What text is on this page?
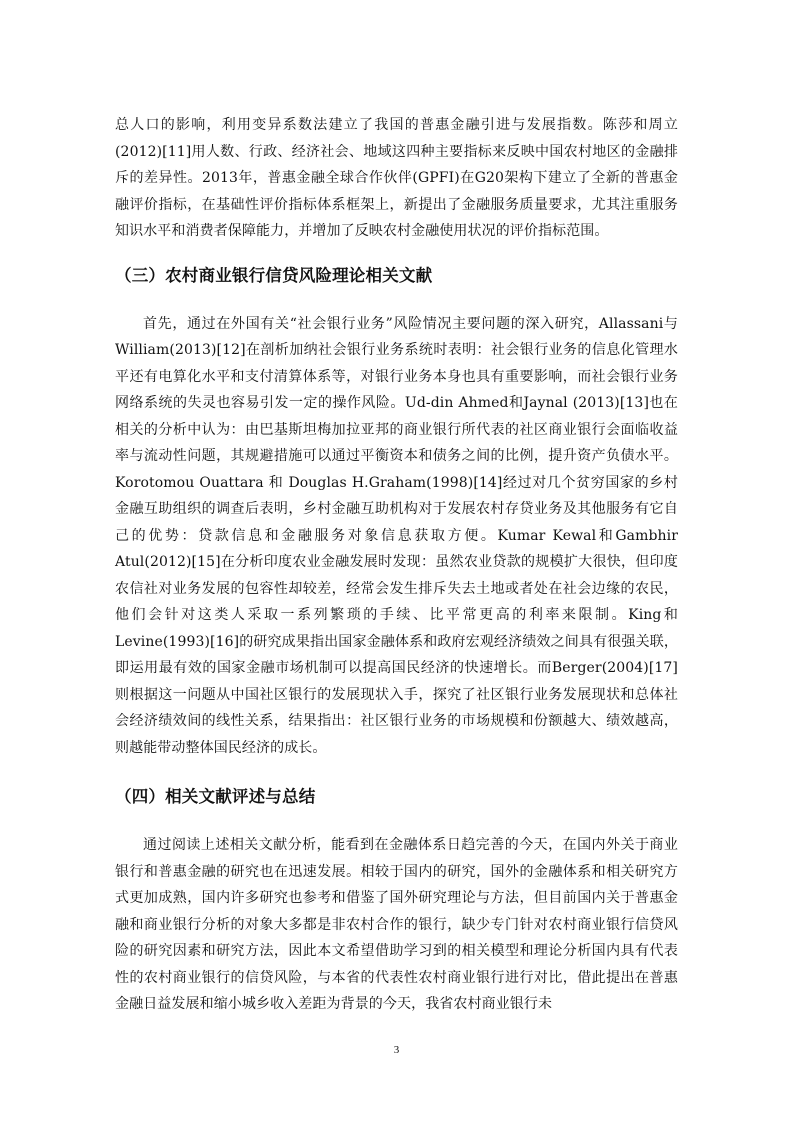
总人口的影响，利用变异系数法建立了我国的普惠金融引进与发展指数。陈莎和周立(2012)[11]用人数、行政、经济社会、地域这四种主要指标来反映中国农村地区的金融排斥的差异性。2013年，普惠金融全球合作伙伴(GPFI)在G20架构下建立了全新的普惠金融评价指标，在基础性评价指标体系框架上，新提出了金融服务质量要求，尤其注重服务知识水平和消费者保障能力，并增加了反映农村金融使用状况的评价指标范围。

（三）农村商业银行信贷风险理论相关文献

首先，通过在外国有关“社会银行业务”风险情况主要问题的深入研究，Allassani与William(2013)[12]在剖析加纳社会银行业务系统时表明：社会银行业务的信息化管理水平还有电算化水平和支付清算体系等，对银行业务本身也具有重要影响，而社会银行业务网络系统的失灵也容易引发一定的操作风险。Ud-din Ahmed和Jaynal (2013)[13]也在相关的分析中认为：由巴基斯坦梅加拉亚邦的商业银行所代表的社区商业银行会面临收益率与流动性问题，其规避措施可以通过平衡资本和债务之间的比例，提升资产负债水平。Korotomou Ouattara 和 Douglas H.Graham(1998)[14]经过对几个贫穷国家的乡村金融互助组织的调查后表明，乡村金融互助机构对于发展农村存贷业务及其他服务有它自己的优势：贷款信息和金融服务对象信息获取方便。Kumar Kewal和Gambhir Atul(2012)[15]在分析印度农业金融发展时发现：虽然农业贷款的规模扩大很快，但印度农信社对业务发展的包容性却较差，经常会发生排斥失去土地或者处在社会边缘的农民，他们会针对这类人采取一系列繁琐的手续、比平常更高的利率来限制。King和Levine(1993)[16]的研究成果指出国家金融体系和政府宏观经济绩效之间具有很强关联，即运用最有效的国家金融市场机制可以提高国民经济的快速增长。而Berger(2004)[17]则根据这一问题从中国社区银行的发展现状入手，探究了社区银行业务发展现状和总体社会经济绩效间的线性关系，结果指出：社区银行业务的市场规模和份额越大、绩效越高，则越能带动整体国民经济的成长。

（四）相关文献评述与总结

通过阅读上述相关文献分析，能看到在金融体系日趋完善的今天，在国内外关于商业银行和普惠金融的研究也在迅速发展。相较于国内的研究，国外的金融体系和相关研究方式更加成熟，国内许多研究也参考和借鉴了国外研究理论与方法，但目前国内关于普惠金融和商业银行分析的对象大多都是非农村合作的银行，缺少专门针对农村商业银行信贷风险的研究因素和研究方法，因此本文希望借助学习到的相关模型和理论分析国内具有代表性的农村商业银行的信贷风险，与本省的代表性农村商业银行进行对比，借此提出在普惠金融日益发展和缩小城乡收入差距为背景的今天，我省农村商业银行未

3
